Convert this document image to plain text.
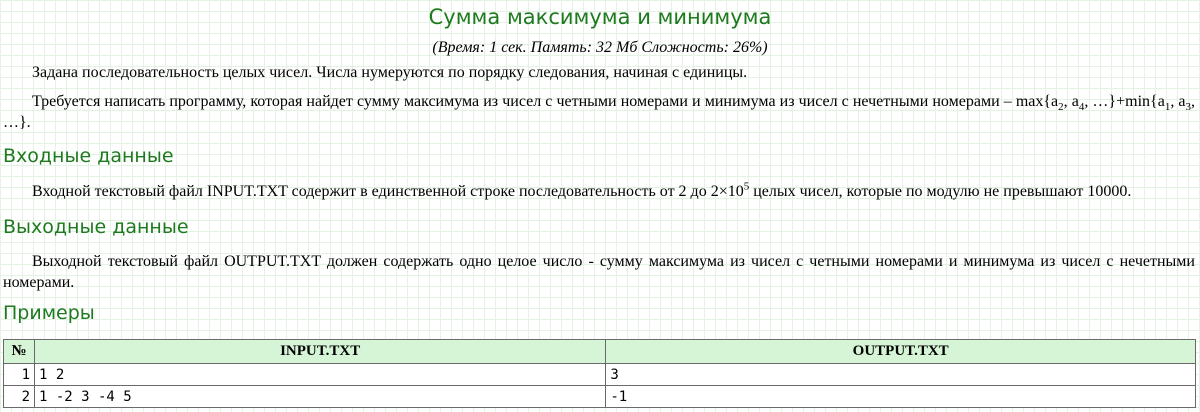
Сумма максимума и минимума
(Время: 1 сек. Память: 32 Мб Сложность: 26%)
Задана последовательность целых чисел. Числа нумеруются по порядку следования, начиная с единицы.
Требуется написать программу, которая найдет сумму максимума из чисел с четными номерами и минимума из чисел с нечетными номерами – $\max\{a_2$, $a_4$, $\dots\}+\min\{a_1$, $a_3$, …}.
Входные данные
Входной текстовый файл INPUT.TXT содержит в единственной строке последовательность от 2 до $2\times 10^5$ целых чисел, которые по модулю не превышают 10000.
Выходные данные
Выходной текстовый файл OUTPUT.TXT должен содержать одно целое число - сумму максимума из чисел с четными номерами и минимума из чисел с нечетными номерами.
Примеры
№	INPUT.TXT	OUTPUT.TXT
1	1 2	3
2	1 -2 3 -4 5	-1
